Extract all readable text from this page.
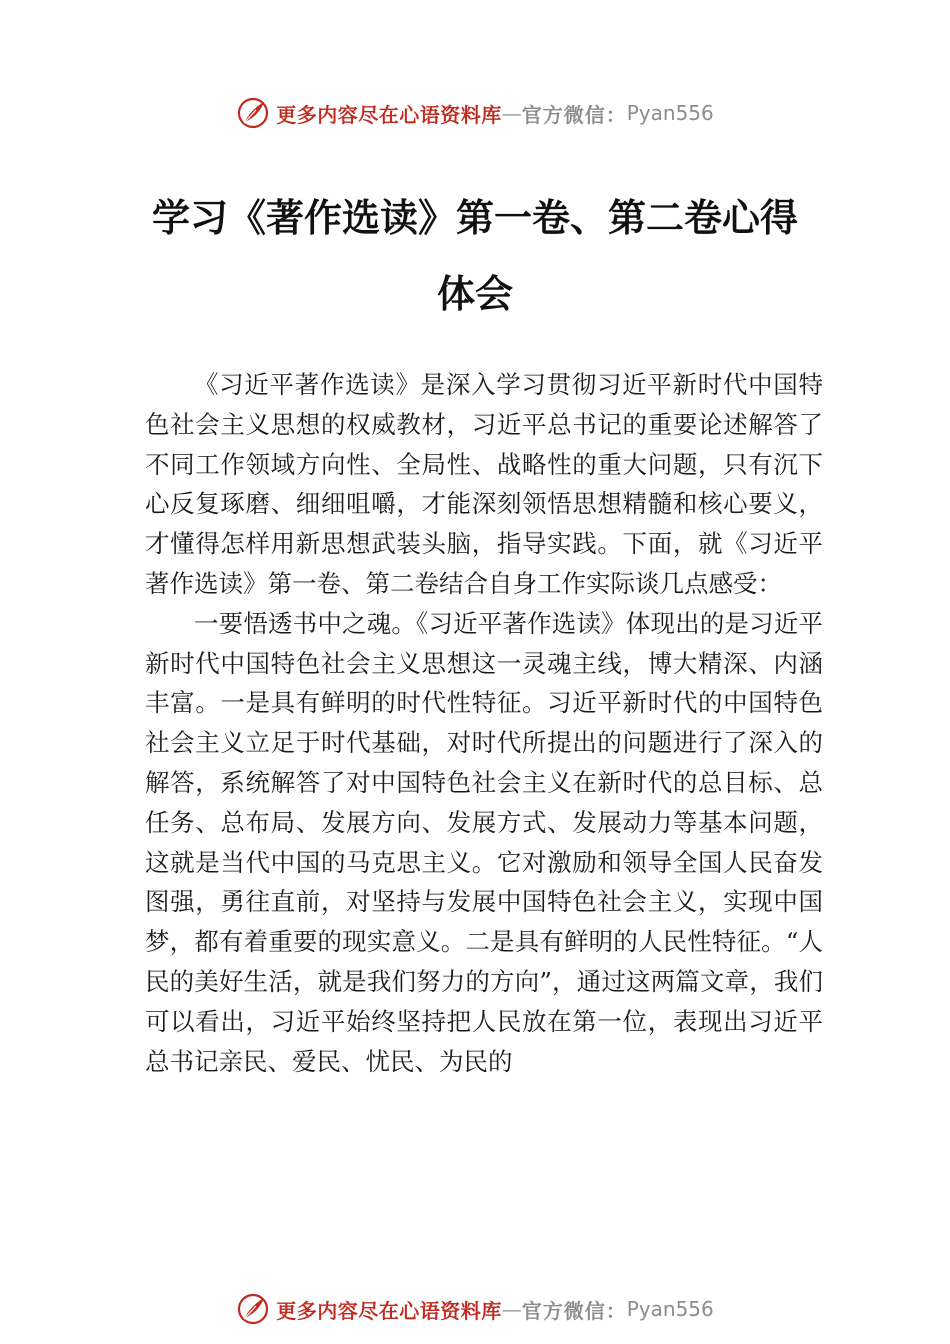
更多内容尽在心语资料库 — 官方微信： Pyan556
学习《著作选读》第一卷、第二卷心得体会

《习近平著作选读》是深入学习贯彻习近平新时代中国特色社会主义思想的权威教材，习近平总书记的重要论述解答了不同工作领域方向性、全局性、战略性的重大问题，只有沉下心反复琢磨、细细咀嚼，才能深刻领悟思想精髓和核心要义，才懂得怎样用新思想武装头脑，指导实践。下面，就《习近平著作选读》第一卷、第二卷结合自身工作实际谈几点感受：

一要悟透书中之魂。《习近平著作选读》体现出的是习近平新时代中国特色社会主义思想这一灵魂主线，博大精深、内涵丰富。一是具有鲜明的时代性特征。习近平新时代的中国特色社会主义立足于时代基础，对时代所提出的问题进行了深入的解答，系统解答了对中国特色社会主义在新时代的总目标、总任务、总布局、发展方向、发展方式、发展动力等基本问题，这就是当代中国的马克思主义。它对激励和领导全国人民奋发图强，勇往直前，对坚持与发展中国特色社会主义，实现中国梦，都有着重要的现实意义。二是具有鲜明的人民性特征。“人民的美好生活，就是我们努力的方向”，通过这两篇文章，我们可以看出，习近平始终坚持把人民放在第一位，表现出习近平总书记亲民、爱民、忧民、为民的

更多内容尽在心语资料库 — 官方微信： Pyan556
